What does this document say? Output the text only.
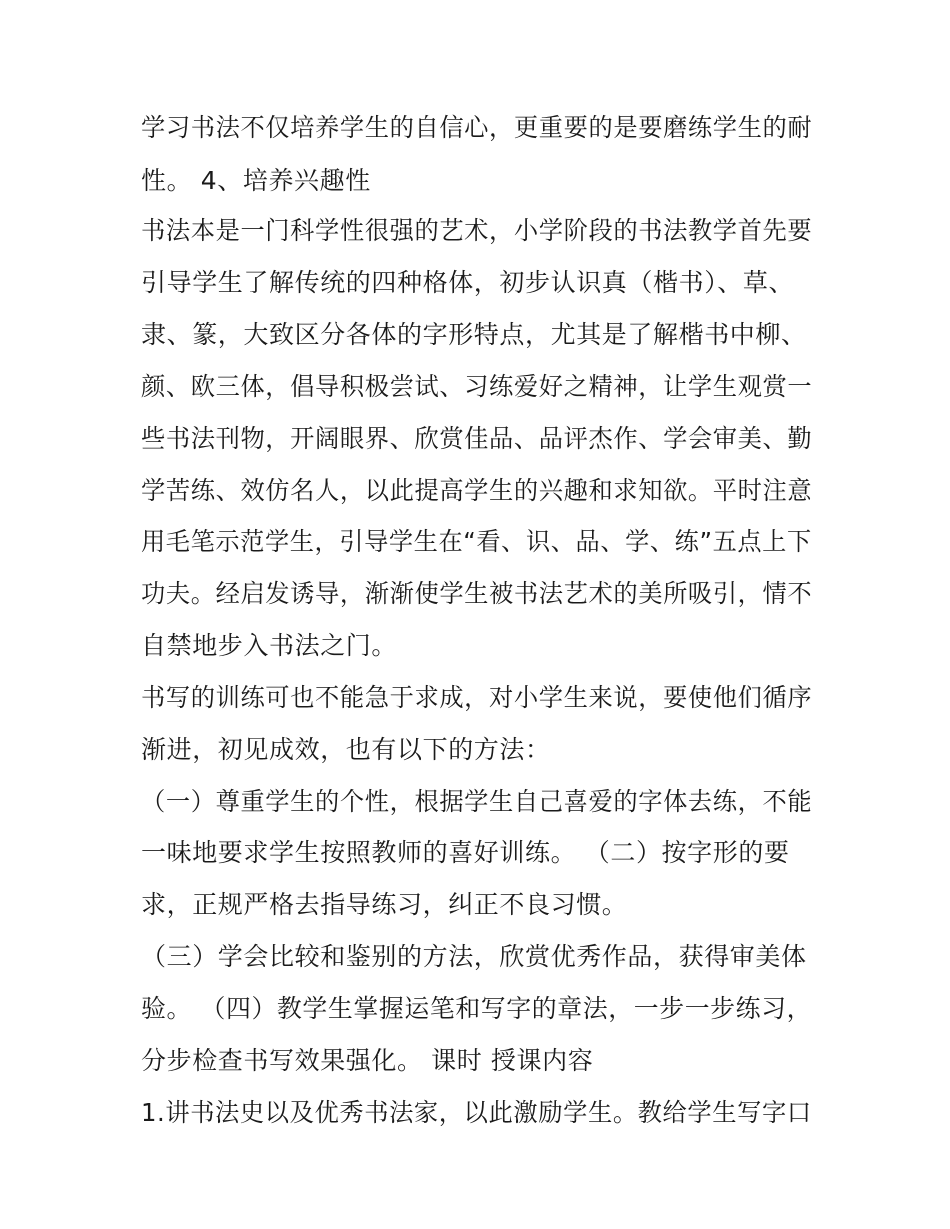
学习书法不仅培养学生的自信心，更重要的是要磨练学生的耐
性。 4、培养兴趣性
书法本是一门科学性很强的艺术，小学阶段的书法教学首先要
引导学生了解传统的四种格体，初步认识真（楷书）、草、
隶、篆，大致区分各体的字形特点，尤其是了解楷书中柳、
颜、欧三体，倡导积极尝试、习练爱好之精神，让学生观赏一
些书法刊物，开阔眼界、欣赏佳品、品评杰作、学会审美、勤
学苦练、效仿名人，以此提高学生的兴趣和求知欲。平时注意
用毛笔示范学生，引导学生在“看、识、品、学、练”五点上下
功夫。经启发诱导，渐渐使学生被书法艺术的美所吸引，情不
自禁地步入书法之门。
书写的训练可也不能急于求成，对小学生来说，要使他们循序
渐进，初见成效，也有以下的方法：
（一）尊重学生的个性，根据学生自己喜爱的字体去练，不能
一味地要求学生按照教师的喜好训练。 （二）按字形的要
求，正规严格去指导练习，纠正不良习惯。
（三）学会比较和鉴别的方法，欣赏优秀作品，获得审美体
验。 （四）教学生掌握运笔和写字的章法，一步一步练习，
分步检查书写效果强化。 课时 授课内容
1.讲书法史以及优秀书法家，以此激励学生。教给学生写字口
